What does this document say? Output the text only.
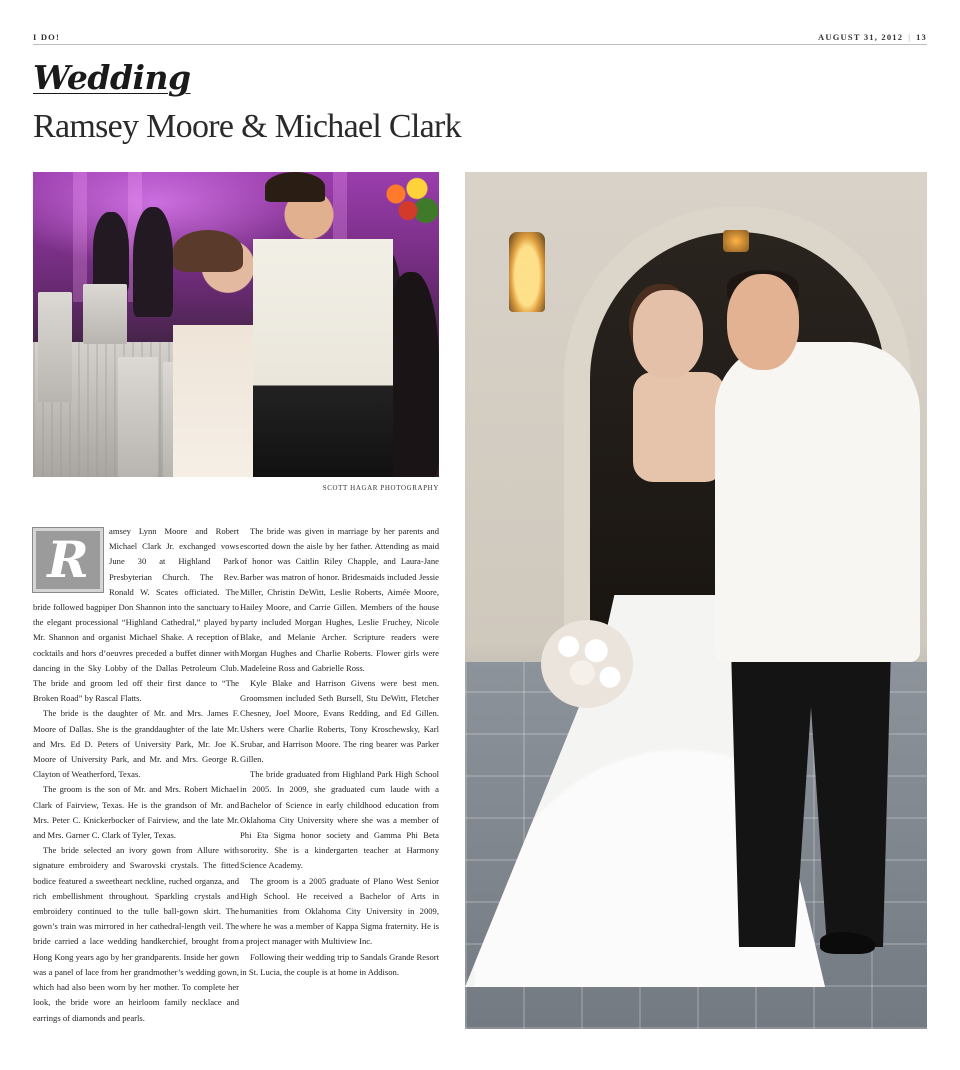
I DO!	AUGUST 31, 2012 | 13
Wedding
Ramsey Moore & Michael Clark
SCOTT HAGAR PHOTOGRAPHY

R	amsey Lynn Moore and Robert Michael Clark Jr. exchanged vows June 30 at Highland Park Presbyterian Church. The Rev. Ronald W. Scates officiated. The bride followed bagpiper Don Shannon into the sanctuary to the elegant processional “Highland Cathedral,” played by Mr. Shannon and organist Michael Shake. A reception of cocktails and hors d’oeuvres preceded a buffet dinner with dancing in the Sky Lobby of the Dallas Petroleum Club. The bride and groom led off their first dance to “The Broken Road” by Rascal Flatts.

The bride is the daughter of Mr. and Mrs. James F. Moore of Dallas. She is the granddaughter of the late Mr. and Mrs. Ed D. Peters of University Park, Mr. Joe K. Moore of University Park, and Mr. and Mrs. George R. Clayton of Weatherford, Texas.

The groom is the son of Mr. and Mrs. Robert Michael Clark of Fairview, Texas. He is the grandson of Mr. and Mrs. Peter C. Knickerbocker of Fairview, and the late Mr. and Mrs. Garner C. Clark of Tyler, Texas.

The bride selected an ivory gown from Allure with signature embroidery and Swarovski crystals. The fitted bodice featured a sweetheart neckline, ruched organza, and rich embellishment throughout. Sparkling crystals and embroidery continued to the tulle ball-gown skirt. The gown’s train was mirrored in her cathedral-length veil. The bride carried a lace wedding handkerchief, brought from Hong Kong years ago by her grandparents. Inside her gown was a panel of lace from her grandmother’s wedding gown, which had also been worn by her mother. To complete her look, the bride wore an heirloom family necklace and earrings of diamonds and pearls.

The bride was given in marriage by her parents and escorted down the aisle by her father. Attending as maid of honor was Caitlin Riley Chapple, and Laura-Jane Barber was matron of honor. Bridesmaids included Jessie Miller, Christin DeWitt, Leslie Roberts, Aimée Moore, Hailey Moore, and Carrie Gillen. Members of the house party included Morgan Hughes, Leslie Fruchey, Nicole Blake, and Melanie Archer. Scripture readers were Morgan Hughes and Charlie Roberts. Flower girls were Madeleine Ross and Gabrielle Ross.

Kyle Blake and Harrison Givens were best men. Groomsmen included Seth Bursell, Stu DeWitt, Fletcher Chesney, Joel Moore, Evans Redding, and Ed Gillen. Ushers were Charlie Roberts, Tony Kroschewsky, Karl Srubar, and Harrison Moore. The ring bearer was Parker Gillen.

The bride graduated from Highland Park High School in 2005. In 2009, she graduated cum laude with a Bachelor of Science in early childhood education from Oklahoma City University where she was a member of Phi Eta Sigma honor society and Gamma Phi Beta sorority. She is a kindergarten teacher at Harmony Science Academy.

The groom is a 2005 graduate of Plano West Senior High School. He received a Bachelor of Arts in humanities from Oklahoma City University in 2009, where he was a member of Kappa Sigma fraternity. He is a project manager with Multiview Inc.

Following their wedding trip to Sandals Grande Resort in St. Lucia, the couple is at home in Addison.
